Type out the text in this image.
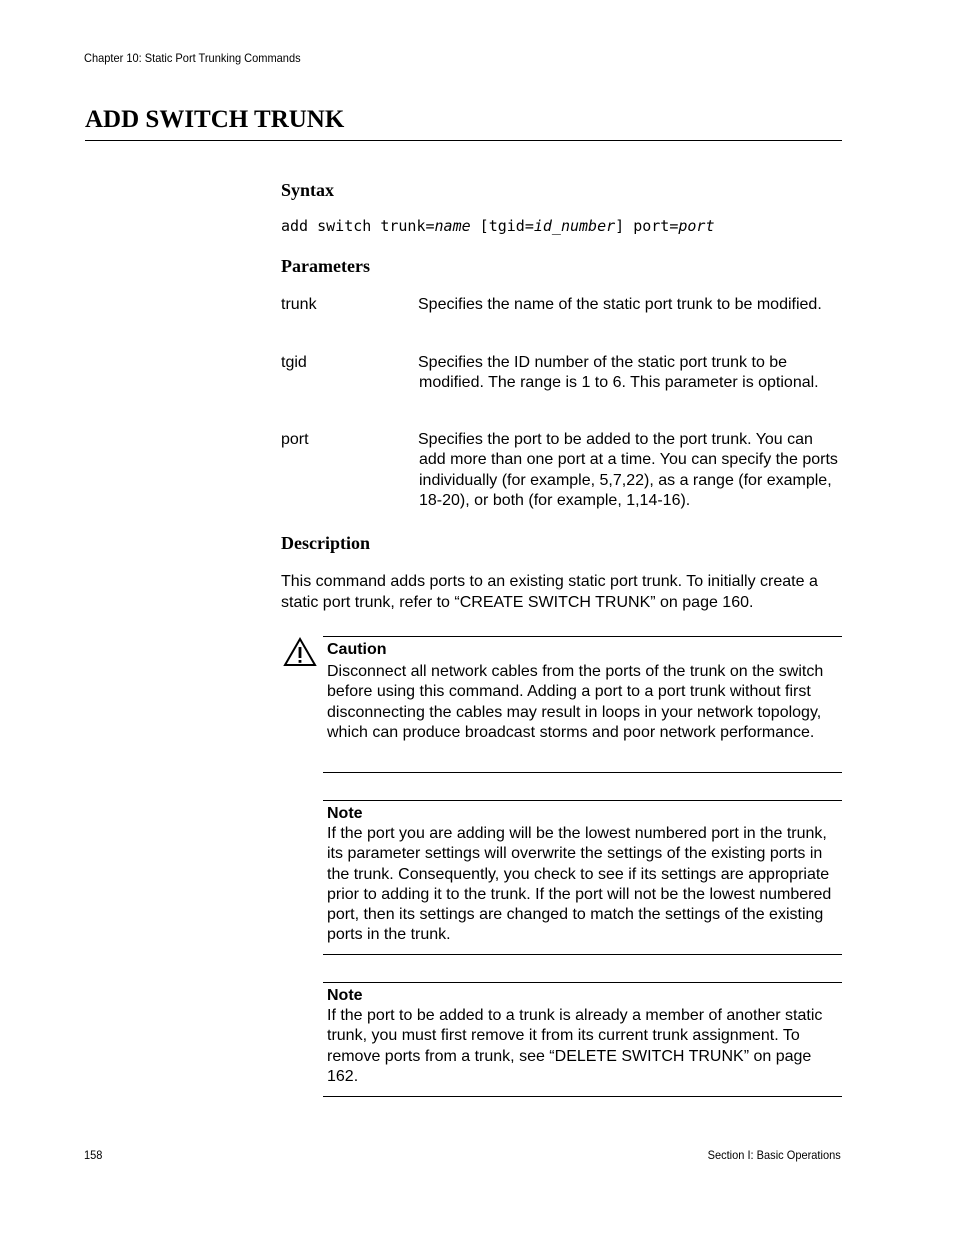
Chapter 10: Static Port Trunking Commands
ADD SWITCH TRUNK
Syntax
add switch trunk=name [tgid=id_number] port=port
Parameters
trunk	Specifies the name of the static port trunk to be modified.
tgid	Specifies the ID number of the static port trunk to be modified. The range is 1 to 6. This parameter is optional.
port	Specifies the port to be added to the port trunk. You can add more than one port at a time. You can specify the ports individually (for example, 5,7,22), as a range (for example, 18-20), or both (for example, 1,14-16).
Description
This command adds ports to an existing static port trunk. To initially create a static port trunk, refer to “CREATE SWITCH TRUNK” on page 160.
Caution
Disconnect all network cables from the ports of the trunk on the switch before using this command. Adding a port to a port trunk without first disconnecting the cables may result in loops in your network topology, which can produce broadcast storms and poor network performance.
Note
If the port you are adding will be the lowest numbered port in the trunk, its parameter settings will overwrite the settings of the existing ports in the trunk. Consequently, you check to see if its settings are appropriate prior to adding it to the trunk. If the port will not be the lowest numbered port, then its settings are changed to match the settings of the existing ports in the trunk.
Note
If the port to be added to a trunk is already a member of another static trunk, you must first remove it from its current trunk assignment. To remove ports from a trunk, see “DELETE SWITCH TRUNK” on page 162.
158	Section I: Basic Operations
